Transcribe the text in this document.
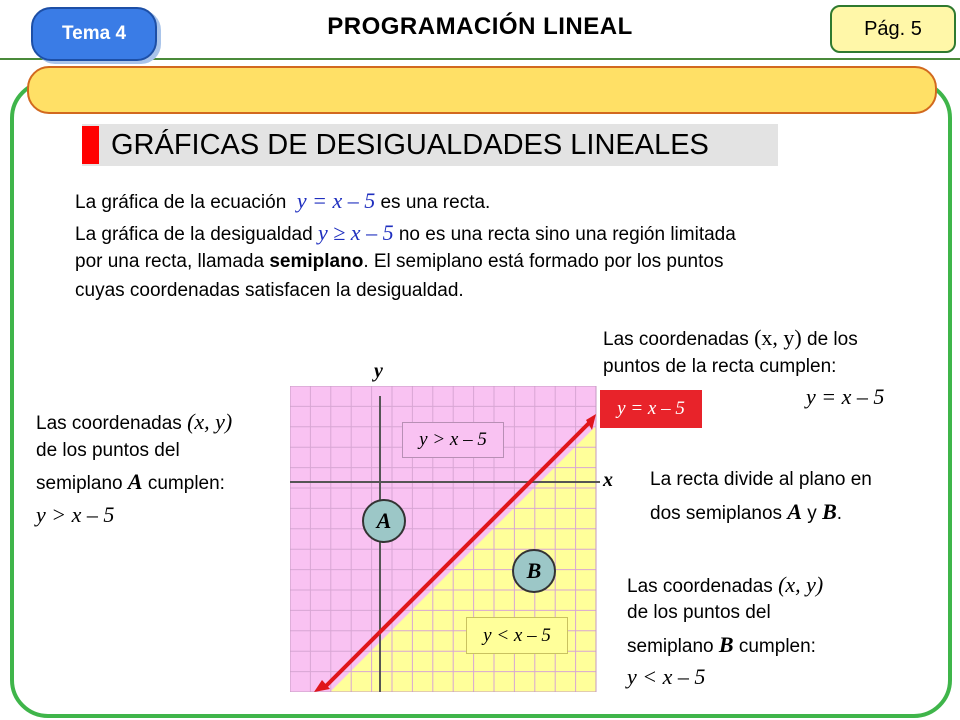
Tema 4	PROGRAMACIÓN LINEAL	Pág. 5
GRÁFICAS DE DESIGUALDADES LINEALES
La gráfica de la ecuación y = x – 5 es una recta.
La gráfica de la desigualdad y ≥ x – 5 no es una recta sino una región limitada
por una recta, llamada semiplano. El semiplano está formado por los puntos
cuyas coordenadas satisfacen la desigualdad.
Las coordenadas (x, y) de los
puntos de la recta cumplen:
y = x – 5
Las coordenadas (x, y)
de los puntos del
semiplano A cumplen:
y > x – 5
La recta divide al plano en
dos semiplanos A y B.
Las coordenadas (x, y)
de los puntos del
semiplano B cumplen:
y < x – 5
y
x
y > x – 5
y < x – 5
y = x – 5
A
B
